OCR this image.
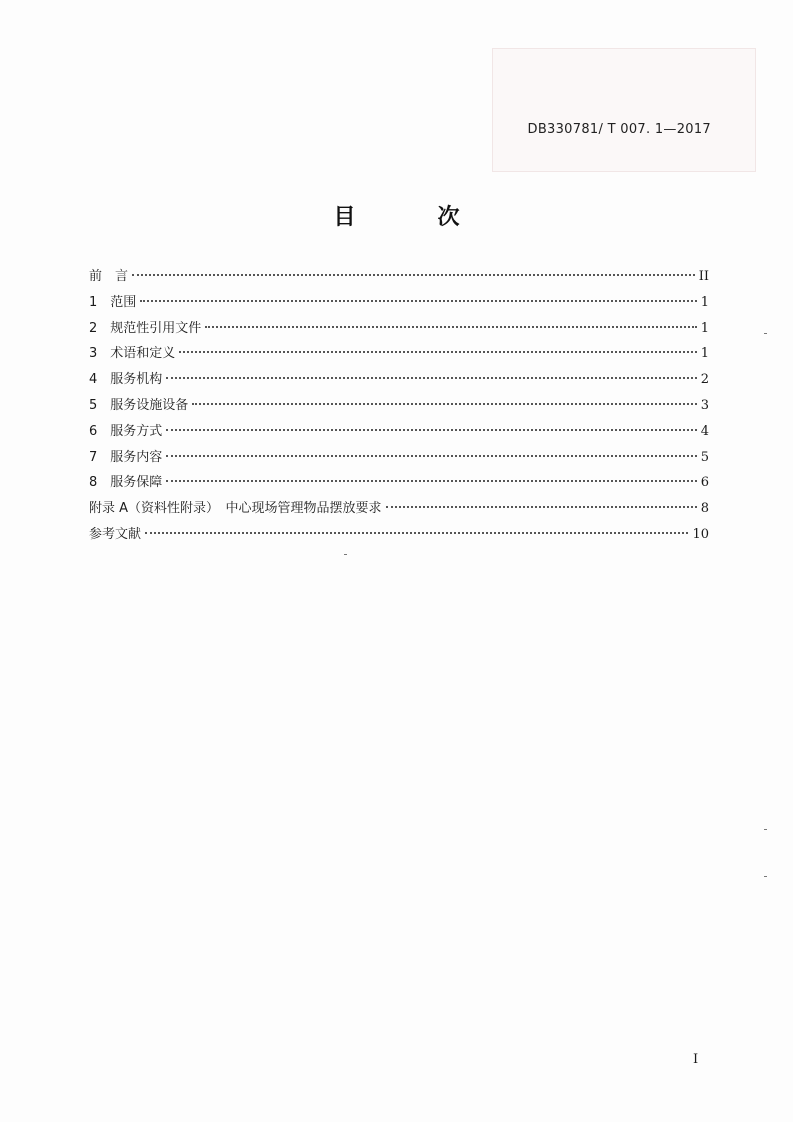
DB330781/ T 007. 1—2017
目　次
前　言	II
1　范围	1
2　规范性引用文件	1
3　术语和定义	1
4　服务机构	2
5　服务设施设备	3
6　服务方式	4
7　服务内容	5
8　服务保障	6
附录 A（资料性附录）　中心现场管理物品摆放要求	8
参考文献	10
I
